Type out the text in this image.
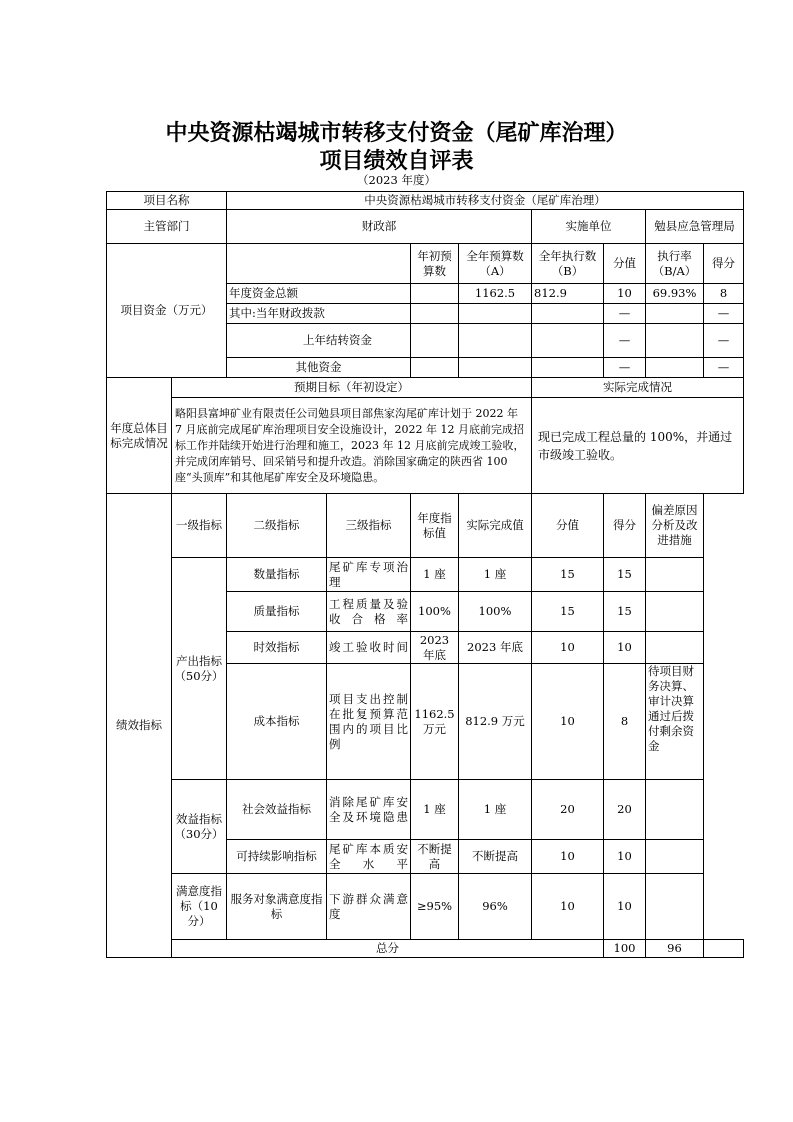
中央资源枯竭城市转移支付资金（尾矿库治理）
项目绩效自评表
（2023 年度）
项目名称		中央资源枯竭城市转移支付资金（尾矿库治理）							
主管部门		财政部				实施单位		勉县应急管理局	
项目资金（万元）				年初预算数	全年预算数（A）	全年执行数（B）	分值	执行率（B/A）	得分
		年度资金总额			1162.5	812.9	10	69.93%	8
		其中:当年财政拨款					—		—
		上年结转资金					—		—
		其他资金					—		—
年度总体目标完成情况	预期目标（年初设定）					实际完成情况			
	略阳县富坤矿业有限责任公司勉县项目部焦家沟尾矿库计划于 2022 年 7 月底前完成尾矿库治理项目安全设施设计，2022 年 12 月底前完成招标工作并陆续开始进行治理和施工，2023 年 12 月底前完成竣工验收，并完成闭库销号、回采销号和提升改造。消除国家确定的陕西省 100 座“头顶库”和其他尾矿库安全及环境隐患。					现已完成工程总量的 100%，并通过市级竣工验收。			
绩效指标	一级指标	二级指标	三级指标	年度指标值	实际完成值	分值	得分	偏差原因分析及改进措施	
	产出指标（50分）	数量指标	尾矿库专项治理	1 座	1 座	15	15		
		质量指标	工程质量及验收合格率	100%	100%	15	15		
		时效指标	竣工验收时间	2023 年底	2023 年底	10	10		
		成本指标	项目支出控制在批复预算范围内的项目比例	1162.5 万元	812.9 万元	10	8	待项目财务决算、审计决算通过后拨付剩余资金	
	效益指标（30分）	社会效益指标	消除尾矿库安全及环境隐患	1 座	1 座	20	20		
		可持续影响指标	尾矿库本质安全水平	不断提高	不断提高	10	10		
	满意度指标（10分）	服务对象满意度指标	下游群众满意度	≥95%	96%	10	10		
	总分						100	96	
